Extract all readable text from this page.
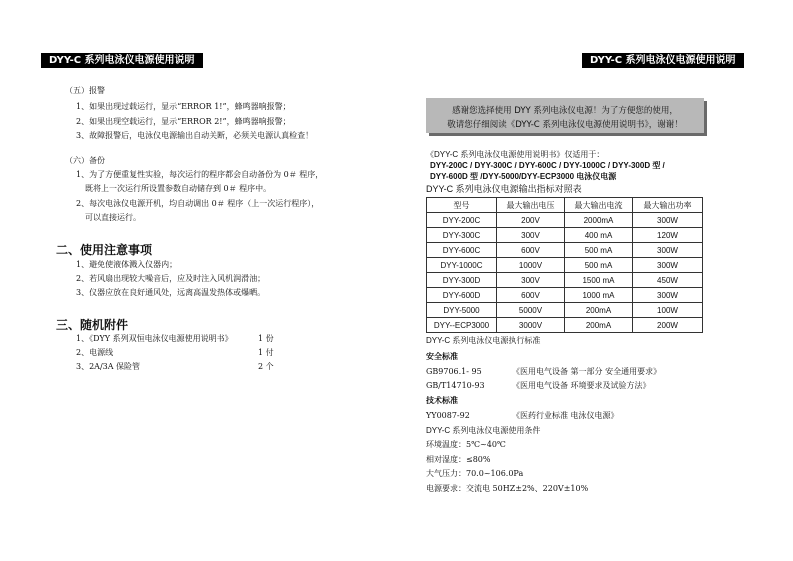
DYY-C 系列电泳仪电源使用说明
（五）报警
1、如果出现过载运行，显示“ERROR 1!”，蜂鸣器响报警；
2、如果出现空载运行，显示“ERROR 2!”，蜂鸣器响报警；
3、故障报警后，电泳仪电源输出自动关断，必须关电源认真检查！
（六）备份
1、为了方便重复性实验，每次运行的程序都会自动备份为 0＃ 程序，
既将上一次运行所设置参数自动储存到 0＃ 程序中。
2、每次电泳仪电源开机，均自动调出 0＃ 程序（上一次运行程序），
可以直接运行。
二、使用注意事项
1、避免使液体溅入仪器内；
2、若风扇出现较大噪音后，应及时注入风机润滑油；
3、仪器应放在良好通风处，远离高温发热体或爆晒。
三、随机附件
1、《DYY 系列双恒电泳仪电源使用说明书》	1 份
2、电源线	1 付
3、2A/3A 保险管	2 个
DYY-C 系列电泳仪电源使用说明
感谢您选择使用 DYY 系列电泳仪电源！为了方便您的使用，
敬请您仔细阅读《DYY-C 系列电泳仪电源使用说明书》，谢谢！
《DYY-C 系列电泳仪电源使用说明书》仅适用于：
DYY-200C / DYY-300C / DYY-600C / DYY-1000C / DYY-300D 型 /
DYY-600D 型 /DYY-5000/DYY-ECP3000 电泳仪电源
DYY-C 系列电泳仪电源输出指标对照表
型号	最大输出电压	最大输出电流	最大输出功率
DYY-200C	200V	2000mA	300W
DYY-300C	300V	400 mA	120W
DYY-600C	600V	500 mA	300W
DYY-1000C	1000V	500 mA	300W
DYY-300D	300V	1500 mA	450W
DYY-600D	600V	1000 mA	300W
DYY-5000	5000V	200mA	100W
DYY--ECP3000	3000V	200mA	200W
DYY-C 系列电泳仪电源执行标准
安全标准
GB9706.1- 95	《医用电气设备 第一部分 安全通用要求》
GB/T14710-93	《医用电气设备 环境要求及试验方法》
技术标准
YY0087-92	《医药行业标准 电泳仪电源》
DYY-C 系列电泳仪电源使用条件
环境温度：5℃~40℃
相对湿度：≤80%
大气压力：70.0~106.0Pa
电源要求：交流电 50HZ±2%、220V±10%
